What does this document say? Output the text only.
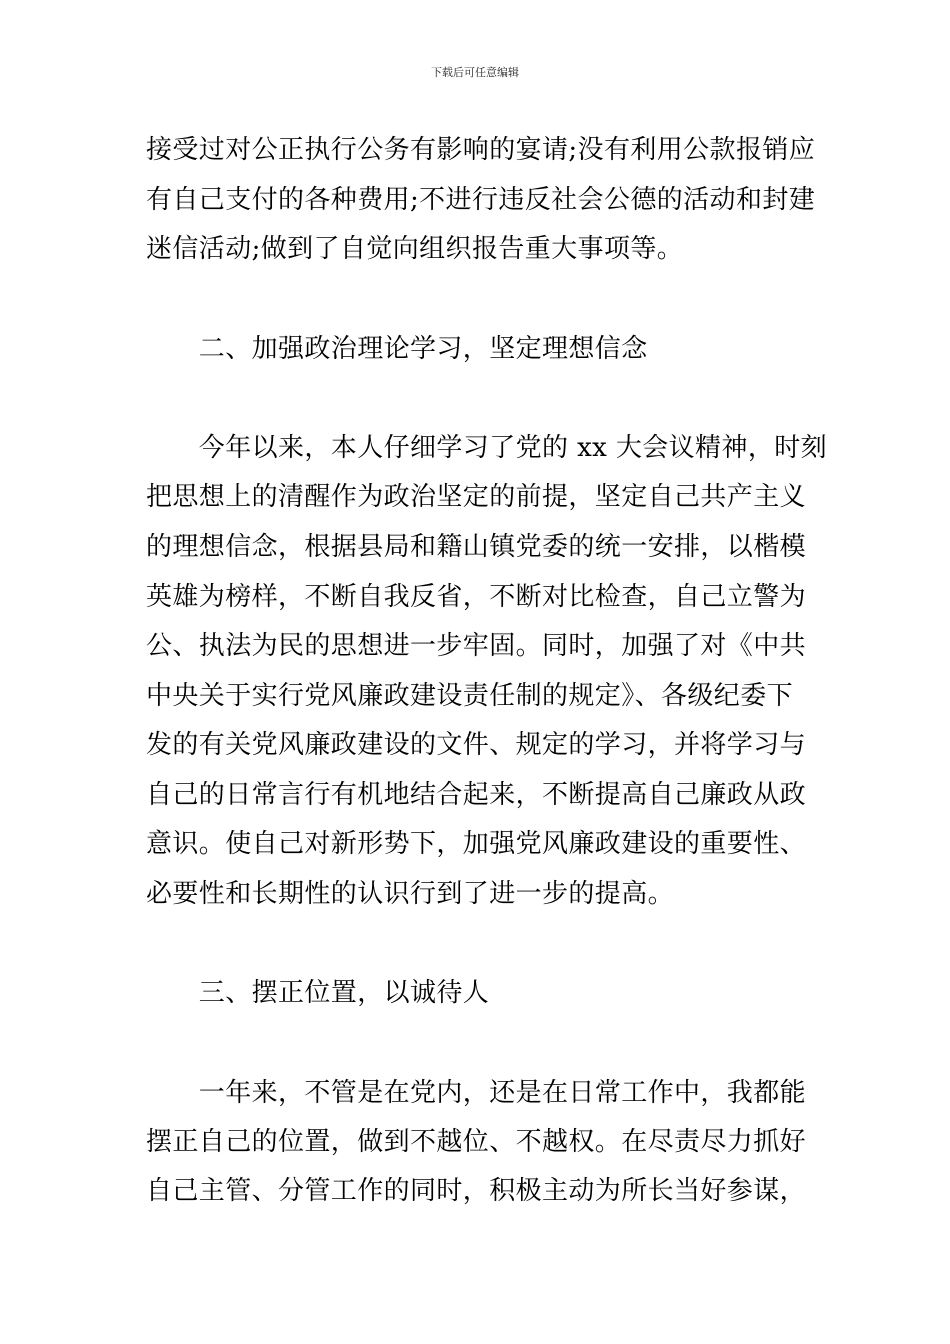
下载后可任意编辑
接受过对公正执行公务有影响的宴请;没有利用公款报销应
有自己支付的各种费用;不进行违反社会公德的活动和封建
迷信活动;做到了自觉向组织报告重大事项等。
　　二、加强政治理论学习，坚定理想信念
　　今年以来，本人仔细学习了党的 xx 大会议精神，时刻
把思想上的清醒作为政治坚定的前提，坚定自己共产主义
的理想信念，根据县局和籍山镇党委的统一安排，以楷模
英雄为榜样，不断自我反省，不断对比检查，自己立警为
公、执法为民的思想进一步牢固。同时，加强了对《中共
中央关于实行党风廉政建设责任制的规定》、各级纪委下
发的有关党风廉政建设的文件、规定的学习，并将学习与
自己的日常言行有机地结合起来，不断提高自己廉政从政
意识。使自己对新形势下，加强党风廉政建设的重要性、
必要性和长期性的认识行到了进一步的提高。
　　三、摆正位置，以诚待人
　　一年来，不管是在党内，还是在日常工作中，我都能
摆正自己的位置，做到不越位、不越权。在尽责尽力抓好
自己主管、分管工作的同时，积极主动为所长当好参谋，
